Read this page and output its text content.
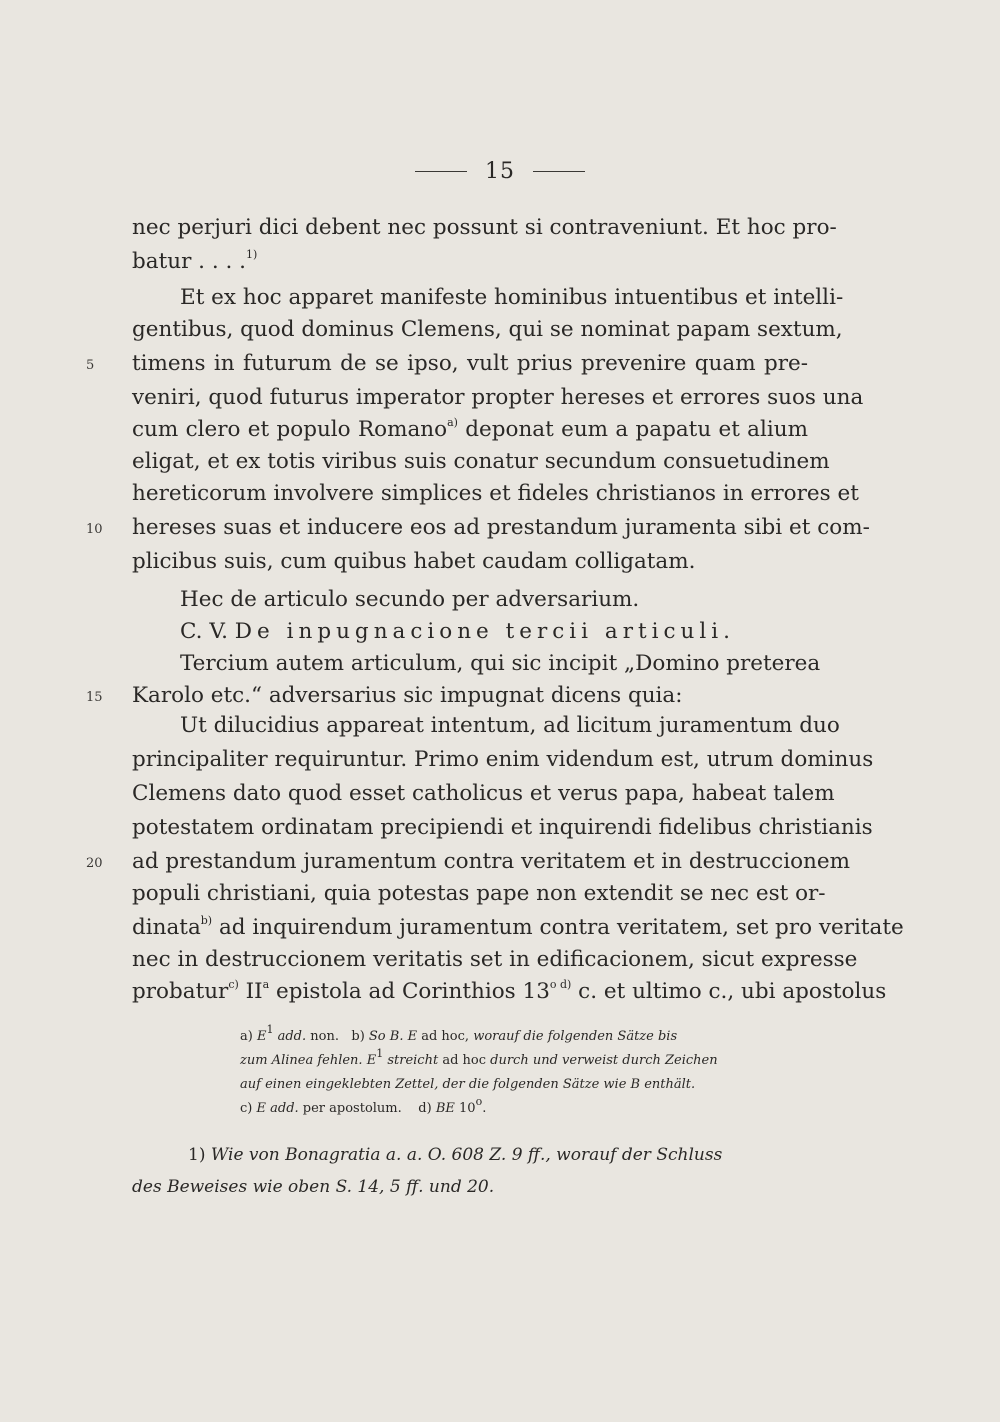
15
nec perjuri dici debent nec possunt si contraveniunt. Et hoc pro-
batur . . . .$^{1)}$
Et ex hoc apparet manifeste hominibus intuentibus et intelli-
gentibus, quod dominus Clemens, qui se nominat papam sextum,
timens in futurum de se ipso, vult prius prevenire quam pre-
5
veniri, quod futurus imperator propter hereses et errores suos una
cum clero et populo Romano$^{a)}$ deponat eum a papatu et alium
eligat, et ex totis viribus suis conatur secundum consuetudinem
hereticorum involvere simplices et fideles christianos in errores et
hereses suas et inducere eos ad prestandum juramenta sibi et com-
10
plicibus suis, cum quibus habet caudam colligatam.
Hec de articulo secundo per adversarium.
C. V. De inpugnacione tercii articuli.
Tercium autem articulum, qui sic incipit „Domino preterea
Karolo etc.“ adversarius sic impugnat dicens quia:
15
Ut dilucidius appareat intentum, ad licitum juramentum duo
principaliter requiruntur. Primo enim videndum est, utrum dominus
Clemens dato quod esset catholicus et verus papa, habeat talem
potestatem ordinatam precipiendi et inquirendi fidelibus christianis
ad prestandum juramentum contra veritatem et in destruccionem
20
populi christiani, quia potestas pape non extendit se nec est or-
dinata$^{b)}$ ad inquirendum juramentum contra veritatem, set pro veritate
nec in destruccionem veritatis set in edificacionem, sicut expresse
probatur$^{c)}$ $II^a$ epistola ad Corinthios $13^{o d)}$ c. et ultimo c., ubi apostolus
a) $E^1$ add. non.   b) So B. E ad hoc, worauf die folgenden Sätze bis
zum Alinea fehlen. $E^1$ streicht ad hoc durch und verweist durch Zeichen
auf einen eingeklebten Zettel, der die folgenden Sätze wie B enthält.
c) E add. per apostolum.    d) BE 10$^o$.
1) Wie von Bonagratia a. a. O. 608 Z. 9 ff., worauf der Schluss
des Beweises wie oben S. 14, 5 ff. und 20.
